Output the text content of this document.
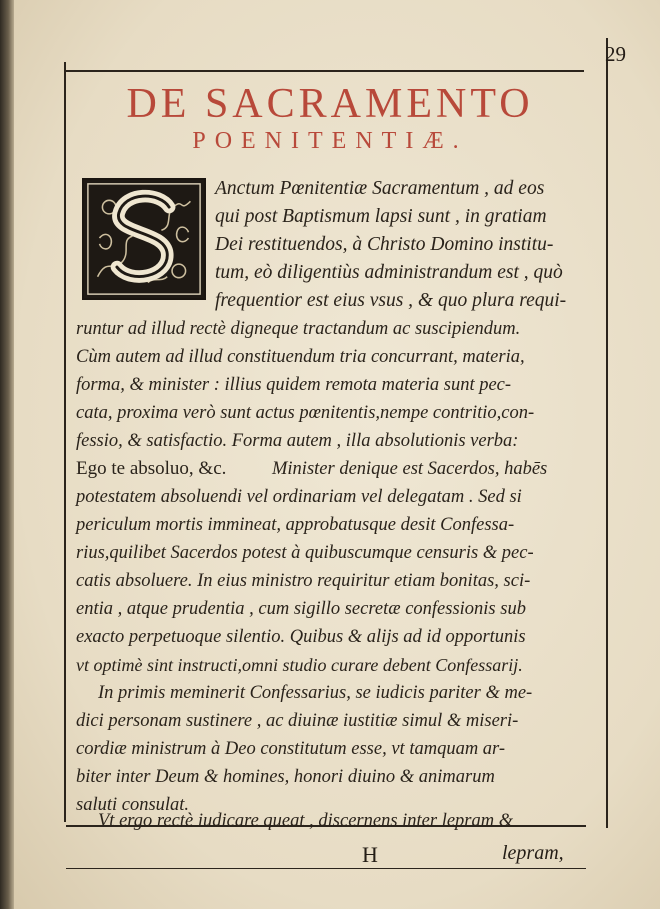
29
DE SACRAMENTO
POENITENTIÆ.
Anctum Pœnitentiæ Sacramentum , ad eos
qui post Baptismum lapsi sunt , in gratiam
Dei restituendos, à Christo Domino institu-
tum, eò diligentiùs administrandum est , quò
frequentior est eius vsus , & quo plura requi-
runtur ad illud rectè digneque tractandum ac suscipiendum.
Cùm autem ad illud constituendum tria concurrant, materia,
forma, & minister : illius quidem remota materia sunt pec-
cata, proxima verò sunt actus pœnitentis,nempe contritio,con-
fessio, & satisfactio. Forma autem , illa absolutionis verba:
Ego te absoluo, &c. Minister denique est Sacerdos, habēs
potestatem absoluendi vel ordinariam vel delegatam . Sed si
periculum mortis immineat, approbatusque desit Confessa-
rius,quilibet Sacerdos potest à quibuscumque censuris & pec-
catis absoluere. In eius ministro requiritur etiam bonitas, sci-
entia , atque prudentia , cum sigillo secretæ confessionis sub
exacto perpetuoque silentio. Quibus & alijs ad id opportunis
vt optimè sint instructi,omni studio curare debent Confessarij.
In primis meminerit Confessarius, se iudicis pariter & me-
dici personam sustinere , ac diuinæ iustitiæ simul & miseri-
cordiæ ministrum à Deo constitutum esse, vt tamquam ar-
biter inter Deum & homines, honori diuino & animarum
saluti consulat.
Vt ergo rectè iudicare queat , discernens inter lepram &
H	lepram,
